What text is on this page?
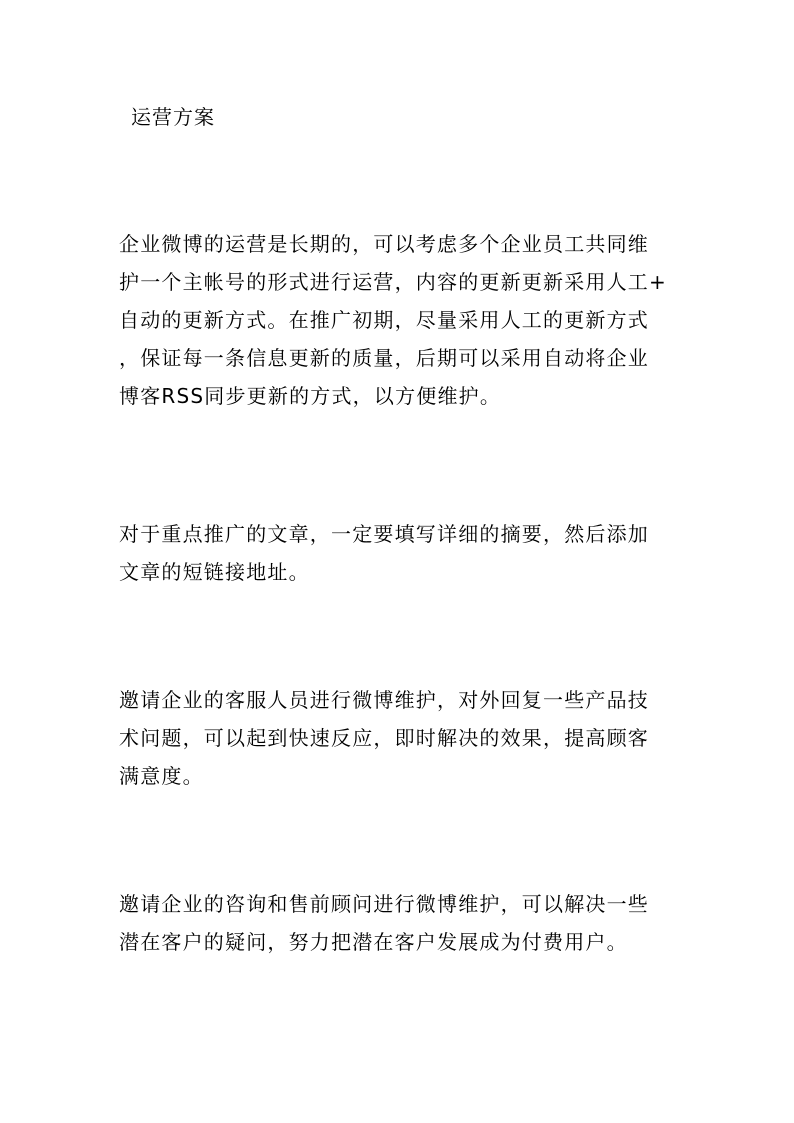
运营方案
企业微博的运营是长期的，可以考虑多个企业员工共同维
护一个主帐号的形式进行运营，内容的更新更新采用人工+
自动的更新方式。在推广初期，尽量采用人工的更新方式
，保证每一条信息更新的质量，后期可以采用自动将企业
博客RSS同步更新的方式，以方便维护。
对于重点推广的文章，一定要填写详细的摘要，然后添加
文章的短链接地址。
邀请企业的客服人员进行微博维护，对外回复一些产品技
术问题，可以起到快速反应，即时解决的效果，提高顾客
满意度。
邀请企业的咨询和售前顾问进行微博维护，可以解决一些
潜在客户的疑问，努力把潜在客户发展成为付费用户。
